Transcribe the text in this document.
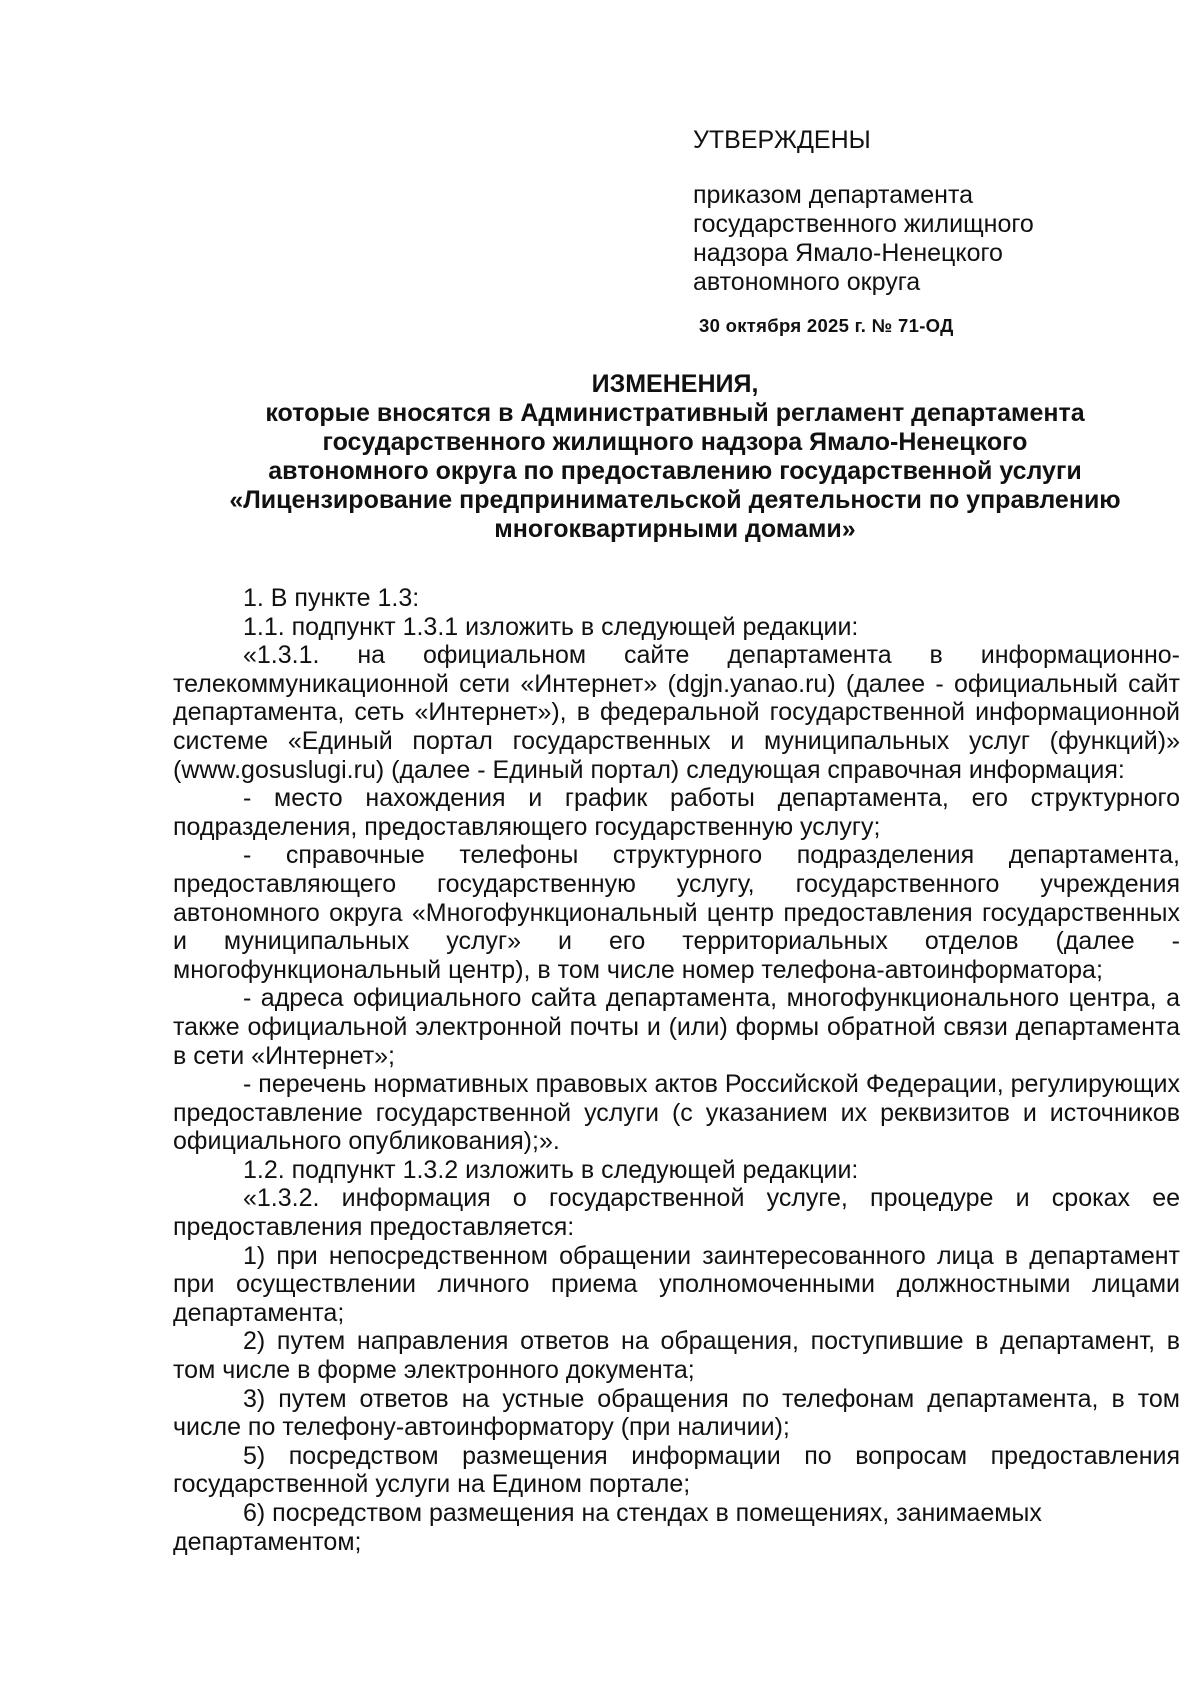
УТВЕРЖДЕНЫ
приказом департамента
государственного жилищного
надзора Ямало-Ненецкого
автономного округа
30 октября 2025 г. № 71-ОД
ИЗМЕНЕНИЯ,
которые вносятся в Административный регламент департамента
государственного жилищного надзора Ямало-Ненецкого
автономного округа по предоставлению государственной услуги
«Лицензирование предпринимательской деятельности по управлению
многоквартирными домами»

1. В пункте 1.3:

1.1. подпункт 1.3.1 изложить в следующей редакции:

«1.3.1. на официальном сайте департамента в информационно-телекоммуникационной сети «Интернет» (dgjn.yanao.ru) (далее - официальный сайт департамента, сеть «Интернет»), в федеральной государственной информационной системе «Единый портал государственных и муниципальных услуг (функций)» (www.gosuslugi.ru) (далее - Единый портал) следующая справочная информация:

- место нахождения и график работы департамента, его структурного подразделения, предоставляющего государственную услугу;

- справочные телефоны структурного подразделения департамента, предоставляющего государственную услугу, государственного учреждения автономного округа «Многофункциональный центр предоставления государственных и муниципальных услуг» и его территориальных отделов (далее - многофункциональный центр), в том числе номер телефона-автоинформатора;

- адреса официального сайта департамента, многофункционального центра, а также официальной электронной почты и (или) формы обратной связи департамента в сети «Интернет»;

- перечень нормативных правовых актов Российской Федерации, регулирующих предоставление государственной услуги (с указанием их реквизитов и источников официального опубликования);».

1.2. подпункт 1.3.2 изложить в следующей редакции:

«1.3.2. информация о государственной услуге, процедуре и сроках ее предоставления предоставляется:

1) при непосредственном обращении заинтересованного лица в департамент при осуществлении личного приема уполномоченными должностными лицами департамента;

2) путем направления ответов на обращения, поступившие в департамент, в том числе в форме электронного документа;

3) путем ответов на устные обращения по телефонам департамента, в том числе по телефону-автоинформатору (при наличии);

5) посредством размещения информации по вопросам предоставления государственной услуги на Едином портале;

6) посредством размещения на стендах в помещениях, занимаемых департаментом;
